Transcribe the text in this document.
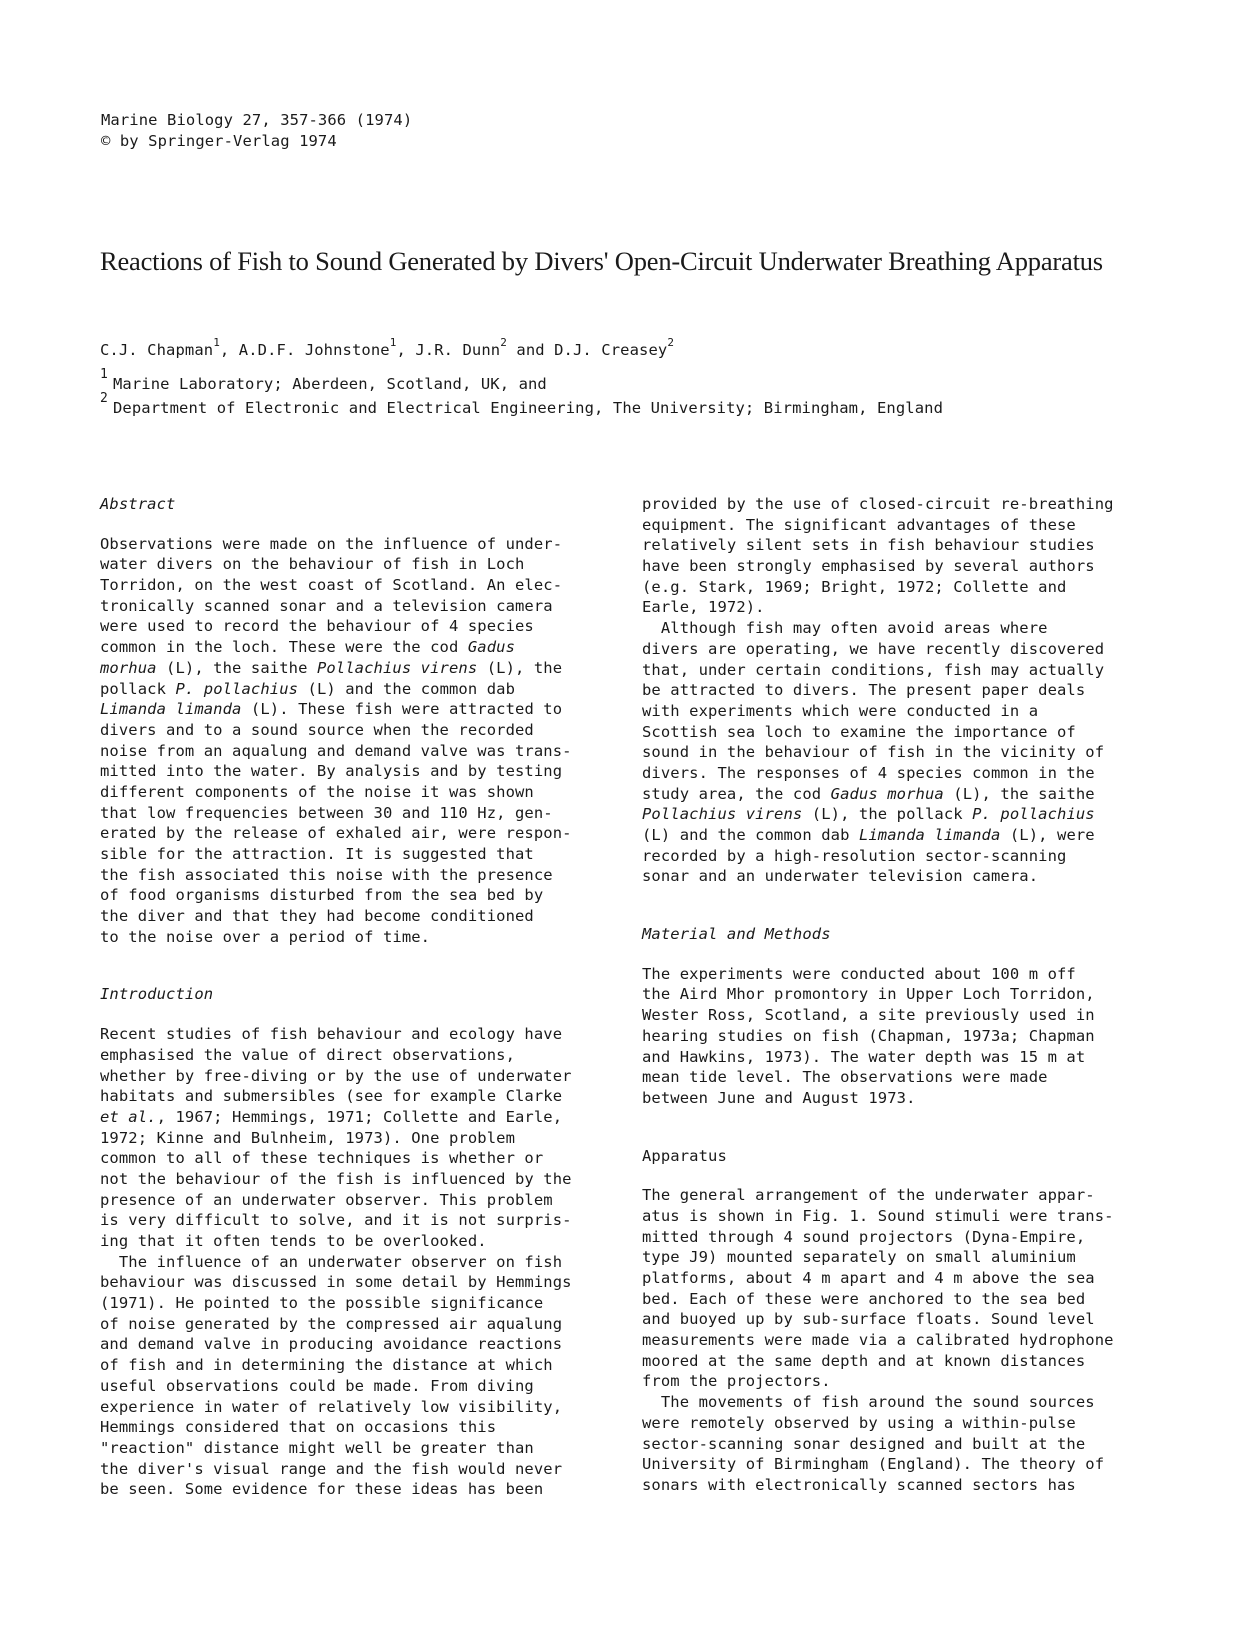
Marine Biology 27, 357-366 (1974)
© by Springer-Verlag 1974
Reactions of Fish to Sound Generated by Divers' Open-Circuit Underwater Breathing Apparatus
C.J. Chapman$^1$, A.D.F. Johnstone$^1$, J.R. Dunn$^2$ and D.J. Creasey$^2$
1
Marine Laboratory; Aberdeen, Scotland, UK, and
2
Department of Electronic and Electrical Engineering, The University; Birmingham, England
Abstract
Observations were made on the influence of under-
water divers on the behaviour of fish in Loch
Torridon, on the west coast of Scotland. An elec-
tronically scanned sonar and a television camera
were used to record the behaviour of 4 species
common in the loch. These were the cod Gadus
morhua (L), the saithe Pollachius virens (L), the
pollack P. pollachius (L) and the common dab
Limanda limanda (L). These fish were attracted to
divers and to a sound source when the recorded
noise from an aqualung and demand valve was trans-
mitted into the water. By analysis and by testing
different components of the noise it was shown
that low frequencies between 30 and 110 Hz, gen-
erated by the release of exhaled air, were respon-
sible for the attraction. It is suggested that
the fish associated this noise with the presence
of food organisms disturbed from the sea bed by
the diver and that they had become conditioned
to the noise over a period of time.
Introduction
Recent studies of fish behaviour and ecology have
emphasised the value of direct observations,
whether by free-diving or by the use of underwater
habitats and submersibles (see for example Clarke
et al., 1967; Hemmings, 1971; Collette and Earle,
1972; Kinne and Bulnheim, 1973). One problem
common to all of these techniques is whether or
not the behaviour of the fish is influenced by the
presence of an underwater observer. This problem
is very difficult to solve, and it is not surpris-
ing that it often tends to be overlooked.
The influence of an underwater observer on fish
behaviour was discussed in some detail by Hemmings
(1971). He pointed to the possible significance
of noise generated by the compressed air aqualung
and demand valve in producing avoidance reactions
of fish and in determining the distance at which
useful observations could be made. From diving
experience in water of relatively low visibility,
Hemmings considered that on occasions this
"reaction" distance might well be greater than
the diver's visual range and the fish would never
be seen. Some evidence for these ideas has been
provided by the use of closed-circuit re-breathing
equipment. The significant advantages of these
relatively silent sets in fish behaviour studies
have been strongly emphasised by several authors
(e.g. Stark, 1969; Bright, 1972; Collette and
Earle, 1972).
Although fish may often avoid areas where
divers are operating, we have recently discovered
that, under certain conditions, fish may actually
be attracted to divers. The present paper deals
with experiments which were conducted in a
Scottish sea loch to examine the importance of
sound in the behaviour of fish in the vicinity of
divers. The responses of 4 species common in the
study area, the cod Gadus morhua (L), the saithe
Pollachius virens (L), the pollack P. pollachius
(L) and the common dab Limanda limanda (L), were
recorded by a high-resolution sector-scanning
sonar and an underwater television camera.
Material and Methods
The experiments were conducted about 100 m off
the Aird Mhor promontory in Upper Loch Torridon,
Wester Ross, Scotland, a site previously used in
hearing studies on fish (Chapman, 1973a; Chapman
and Hawkins, 1973). The water depth was 15 m at
mean tide level. The observations were made
between June and August 1973.
Apparatus
The general arrangement of the underwater appar-
atus is shown in Fig. 1. Sound stimuli were trans-
mitted through 4 sound projectors (Dyna-Empire,
type J9) mounted separately on small aluminium
platforms, about 4 m apart and 4 m above the sea
bed. Each of these were anchored to the sea bed
and buoyed up by sub-surface floats. Sound level
measurements were made via a calibrated hydrophone
moored at the same depth and at known distances
from the projectors.
The movements of fish around the sound sources
were remotely observed by using a within-pulse
sector-scanning sonar designed and built at the
University of Birmingham (England). The theory of
sonars with electronically scanned sectors has
